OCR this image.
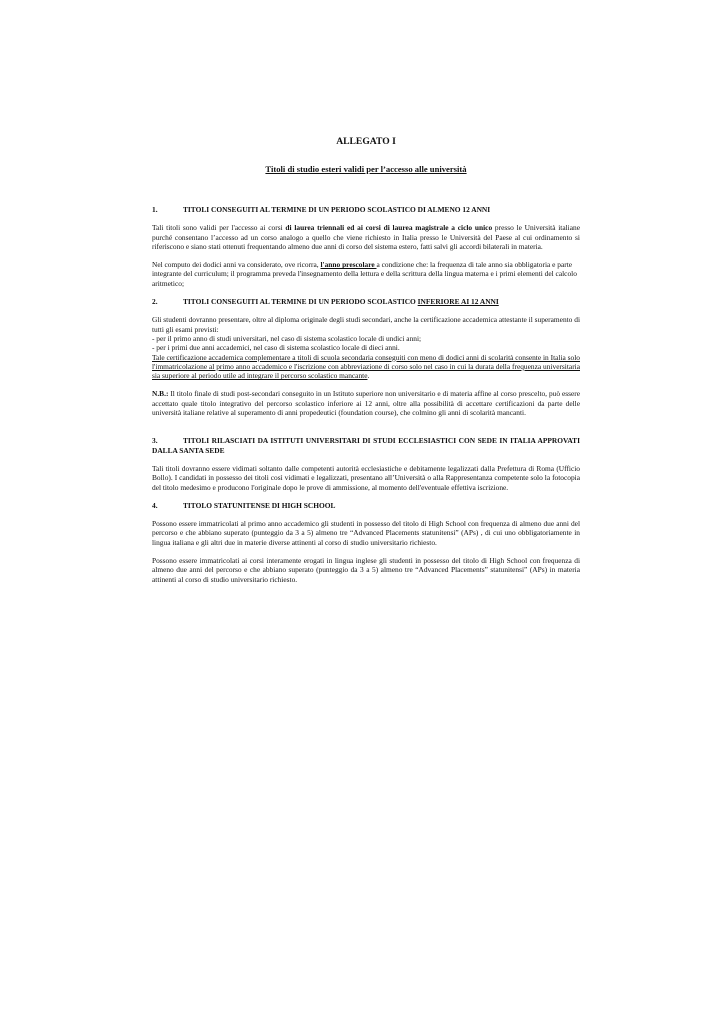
ALLEGATO I
Titoli di studio esteri validi per l’accesso alle università
1.	TITOLI CONSEGUITI AL TERMINE DI UN PERIODO SCOLASTICO DI ALMENO 12 ANNI

Tali titoli sono validi per l'accesso ai corsi di laurea triennali ed ai corsi di laurea magistrale a ciclo unico presso le Università italiane purché consentano l’accesso ad un corso analogo a quello che viene richiesto in Italia presso le Università del Paese al cui ordinamento si riferiscono e siano stati ottenuti frequentando almeno due anni di corso del sistema estero, fatti salvi gli accordi bilaterali in materia.

Nel computo dei dodici anni va considerato, ove ricorra, l'anno prescolare a condizione che: la frequenza di tale anno sia obbligatoria e parte integrante del curriculum; il programma preveda l'insegnamento della lettura e della scrittura della lingua materna e i primi elementi del calcolo
aritmetico;

2.	TITOLI CONSEGUITI AL TERMINE DI UN PERIODO SCOLASTICO INFERIORE AI 12 ANNI

Gli studenti dovranno presentare, oltre al diploma originale degli studi secondari, anche la certificazione accademica attestante il superamento di tutti gli esami previsti:
- per il primo anno di studi universitari, nel caso di sistema scolastico locale di undici anni;
- per i primi due anni accademici, nel caso di sistema scolastico locale di dieci anni.
Tale certificazione accademica complementare a titoli di scuola secondaria conseguiti con meno di dodici anni di scolarità consente in Italia solo l'immatricolazione al primo anno accademico e l'iscrizione con abbreviazione di corso solo nel caso in cui la durata della frequenza universitaria sia superiore al periodo utile ad integrare il percorso scolastico mancante.

N.B.: Il titolo finale di studi post-secondari conseguito in un Istituto superiore non universitario e di materia affine al corso prescelto, può essere accettato quale titolo integrativo del percorso scolastico inferiore ai 12 anni, oltre alla possibilità di accettare certificazioni da parte delle università italiane relative al superamento di anni propedeutici (foundation course), che colmino gli anni di scolarità mancanti.

3.	TITOLI RILASCIATI DA ISTITUTI UNIVERSITARI DI STUDI ECCLESIASTICI CON SEDE IN ITALIA APPROVATI DALLA SANTA SEDE

Tali titoli dovranno essere vidimati soltanto dalle competenti autorità ecclesiastiche e debitamente legalizzati dalla Prefettura di Roma (Ufficio Bollo). I candidati in possesso dei titoli così vidimati e legalizzati, presentano all’Università o alla Rappresentanza competente solo la fotocopia del titolo medesimo e producono l'originale dopo le prove di ammissione, al momento dell'eventuale effettiva iscrizione.

4.	TITOLO STATUNITENSE DI HIGH SCHOOL

Possono essere immatricolati al primo anno accademico gli studenti in possesso del titolo di High School con frequenza di almeno due anni del percorso e che abbiano superato (punteggio da 3 a 5) almeno tre “Advanced Placements statunitensi” (APs) , di cui uno obbligatoriamente in lingua italiana e gli altri due in materie diverse attinenti al corso di studio universitario richiesto.

Possono essere immatricolati ai corsi interamente erogati in lingua inglese gli studenti in possesso del titolo di High School con frequenza di almeno due anni del percorso e che abbiano superato (punteggio da 3 a 5) almeno tre “Advanced Placements” statunitensi” (APs) in materia attinenti al corso di studio universitario richiesto.
